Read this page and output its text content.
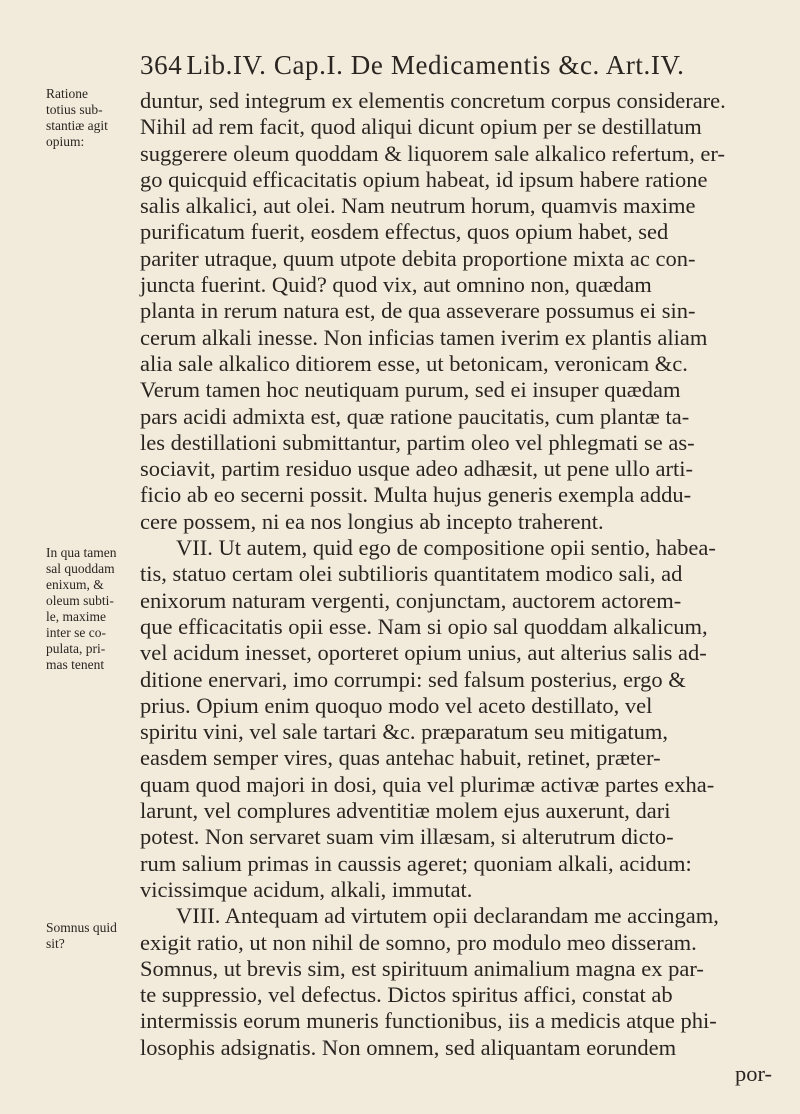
364 Lib.IV. Cap.I. De Medicamentis &c. Art.IV.
Ratione
totius sub-
stantiæ agit
opium:
In qua tamen
sal quoddam
enixum, &
oleum subti-
le, maxime
inter se co-
pulata, pri-
mas tenent
Somnus quid
sit?
duntur, sed integrum ex elementis concretum corpus considerare.
Nihil ad rem facit, quod aliqui dicunt opium per se destillatum
suggerere oleum quoddam & liquorem sale alkalico refertum, er-
go quicquid efficacitatis opium habeat, id ipsum habere ratione
salis alkalici, aut olei. Nam neutrum horum, quamvis maxime
purificatum fuerit, eosdem effectus, quos opium habet, sed
pariter utraque, quum utpote debita proportione mixta ac con-
juncta fuerint. Quid? quod vix, aut omnino non, quædam
planta in rerum natura est, de qua asseverare possumus ei sin-
cerum alkali inesse. Non inficias tamen iverim ex plantis aliam
alia sale alkalico ditiorem esse, ut betonicam, veronicam &c.
Verum tamen hoc neutiquam purum, sed ei insuper quædam
pars acidi admixta est, quæ ratione paucitatis, cum plantæ ta-
les destillationi submittantur, partim oleo vel phlegmati se as-
sociavit, partim residuo usque adeo adhæsit, ut pene ullo arti-
ficio ab eo secerni possit. Multa hujus generis exempla addu-
cere possem, ni ea nos longius ab incepto traherent.
VII. Ut autem, quid ego de compositione opii sentio, habea-
tis, statuo certam olei subtilioris quantitatem modico sali, ad
enixorum naturam vergenti, conjunctam, auctorem actorem-
que efficacitatis opii esse. Nam si opio sal quoddam alkalicum,
vel acidum inesset, oporteret opium unius, aut alterius salis ad-
ditione enervari, imo corrumpi: sed falsum posterius, ergo &
prius. Opium enim quoquo modo vel aceto destillato, vel
spiritu vini, vel sale tartari &c. præparatum seu mitigatum,
easdem semper vires, quas antehac habuit, retinet, præter-
quam quod majori in dosi, quia vel plurimæ activæ partes exha-
larunt, vel complures adventitiæ molem ejus auxerunt, dari
potest. Non servaret suam vim illæsam, si alterutrum dicto-
rum salium primas in caussis ageret; quoniam alkali, acidum:
vicissimque acidum, alkali, immutat.
VIII. Antequam ad virtutem opii declarandam me accingam,
exigit ratio, ut non nihil de somno, pro modulo meo disseram.
Somnus, ut brevis sim, est spirituum animalium magna ex par-
te suppressio, vel defectus. Dictos spiritus affici, constat ab
intermissis eorum muneris functionibus, iis a medicis atque phi-
losophis adsignatis. Non omnem, sed aliquantam eorundem
por-
